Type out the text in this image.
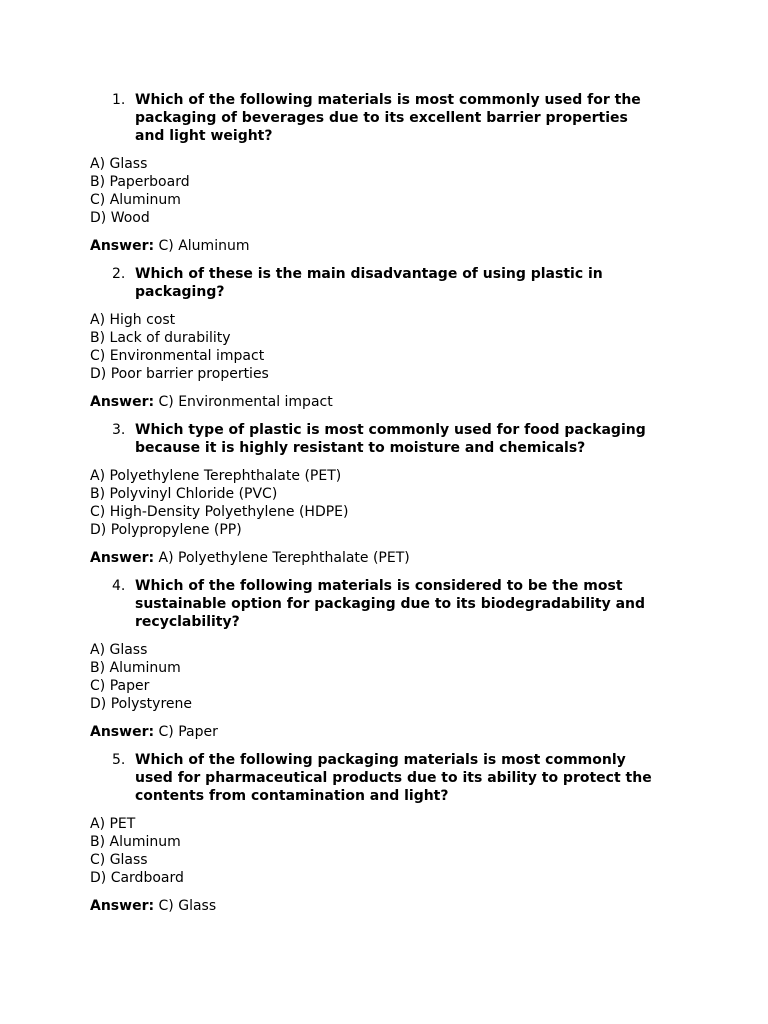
1. Which of the following materials is most commonly used for the packaging of beverages due to its excellent barrier properties and light weight?
A) Glass
B) Paperboard
C) Aluminum
D) Wood
Answer: C) Aluminum
2. Which of these is the main disadvantage of using plastic in packaging?
A) High cost
B) Lack of durability
C) Environmental impact
D) Poor barrier properties
Answer: C) Environmental impact
3. Which type of plastic is most commonly used for food packaging because it is highly resistant to moisture and chemicals?
A) Polyethylene Terephthalate (PET)
B) Polyvinyl Chloride (PVC)
C) High-Density Polyethylene (HDPE)
D) Polypropylene (PP)
Answer: A) Polyethylene Terephthalate (PET)
4. Which of the following materials is considered to be the most sustainable option for packaging due to its biodegradability and recyclability?
A) Glass
B) Aluminum
C) Paper
D) Polystyrene
Answer: C) Paper
5. Which of the following packaging materials is most commonly used for pharmaceutical products due to its ability to protect the contents from contamination and light?
A) PET
B) Aluminum
C) Glass
D) Cardboard
Answer: C) Glass
